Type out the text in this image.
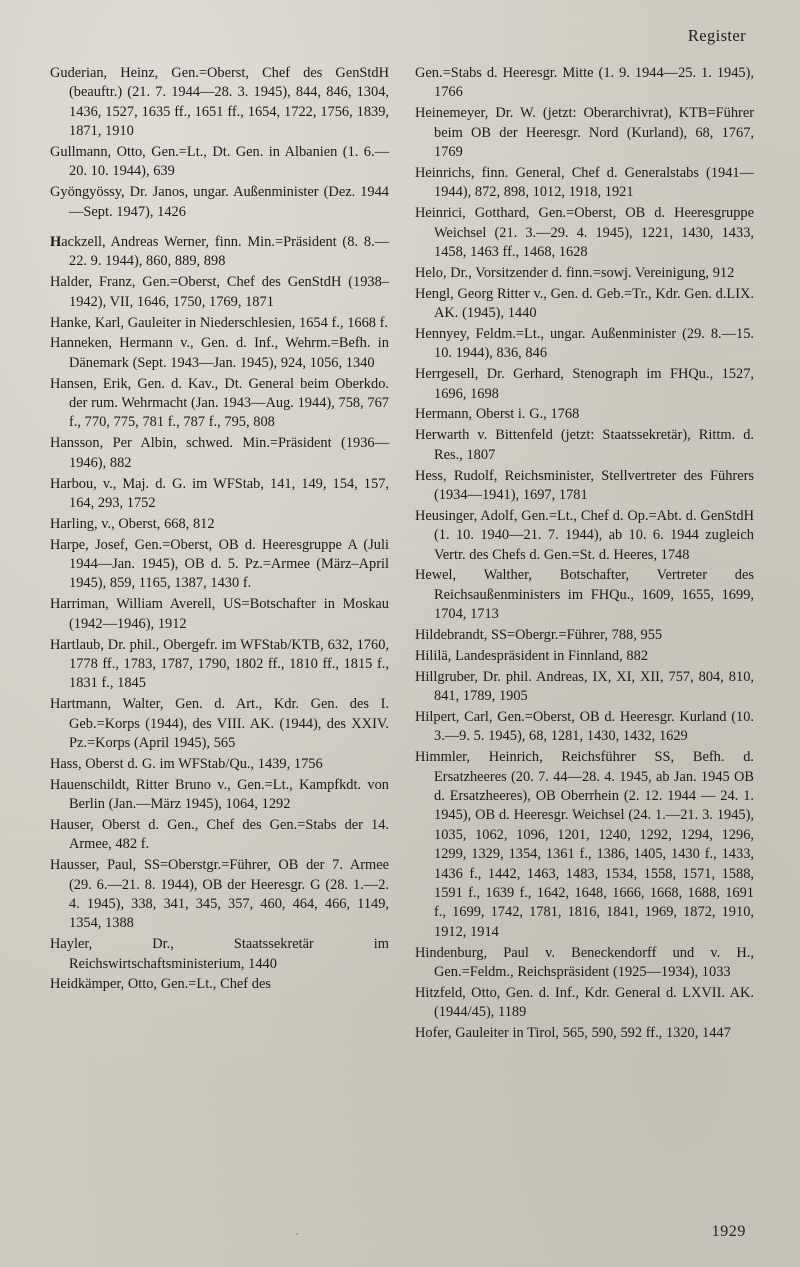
Register

Guderian, Heinz, Gen.=Oberst, Chef des GenStdH (beauftr.) (21. 7. 1944—28. 3. 1945), 844, 846, 1304, 1436, 1527, 1635 ff., 1651 ff., 1654, 1722, 1756, 1839, 1871, 1910

Gullmann, Otto, Gen.=Lt., Dt. Gen. in Albanien (1. 6.—20. 10. 1944), 639

Gyöngyössy, Dr. Janos, ungar. Außenminister (Dez. 1944—Sept. 1947), 1426

Hackzell, Andreas Werner, finn. Min.=Präsident (8. 8.—22. 9. 1944), 860, 889, 898

Halder, Franz, Gen.=Oberst, Chef des GenStdH (1938–1942), VII, 1646, 1750, 1769, 1871

Hanke, Karl, Gauleiter in Niederschlesien, 1654 f., 1668 f.

Hanneken, Hermann v., Gen. d. Inf., Wehrm.=Befh. in Dänemark (Sept. 1943—Jan. 1945), 924, 1056, 1340

Hansen, Erik, Gen. d. Kav., Dt. General beim Oberkdo. der rum. Wehrmacht (Jan. 1943—Aug. 1944), 758, 767 f., 770, 775, 781 f., 787 f., 795, 808

Hansson, Per Albin, schwed. Min.=Präsident (1936—1946), 882

Harbou, v., Maj. d. G. im WFStab, 141, 149, 154, 157, 164, 293, 1752

Harling, v., Oberst, 668, 812

Harpe, Josef, Gen.=Oberst, OB d. Heeresgruppe A (Juli 1944—Jan. 1945), OB d. 5. Pz.=Armee (März–April 1945), 859, 1165, 1387, 1430 f.

Harriman, William Averell, US=Botschafter in Moskau (1942—1946), 1912

Hartlaub, Dr. phil., Obergefr. im WFStab/KTB, 632, 1760, 1778 ff., 1783, 1787, 1790, 1802 ff., 1810 ff., 1815 f., 1831 f., 1845

Hartmann, Walter, Gen. d. Art., Kdr. Gen. des I. Geb.=Korps (1944), des VIII. AK. (1944), des XXIV. Pz.=Korps (April 1945), 565

Hass, Oberst d. G. im WFStab/Qu., 1439, 1756

Hauenschildt, Ritter Bruno v., Gen.=Lt., Kampfkdt. von Berlin (Jan.—März 1945), 1064, 1292

Hauser, Oberst d. Gen., Chef des Gen.=Stabs der 14. Armee, 482 f.

Hausser, Paul, SS=Oberstgr.=Führer, OB der 7. Armee (29. 6.—21. 8. 1944), OB der Heeresgr. G (28. 1.—2. 4. 1945), 338, 341, 345, 357, 460, 464, 466, 1149, 1354, 1388

Hayler, Dr., Staatssekretär im Reichswirtschaftsministerium, 1440

Heidkämper, Otto, Gen.=Lt., Chef des

Gen.=Stabs d. Heeresgr. Mitte (1. 9. 1944—25. 1. 1945), 1766

Heinemeyer, Dr. W. (jetzt: Oberarchivrat), KTB=Führer beim OB der Heeresgr. Nord (Kurland), 68, 1767, 1769

Heinrichs, finn. General, Chef d. Generalstabs (1941—1944), 872, 898, 1012, 1918, 1921

Heinrici, Gotthard, Gen.=Oberst, OB d. Heeresgruppe Weichsel (21. 3.—29. 4. 1945), 1221, 1430, 1433, 1458, 1463 ff., 1468, 1628

Helo, Dr., Vorsitzender d. finn.=sowj. Vereinigung, 912

Hengl, Georg Ritter v., Gen. d. Geb.=Tr., Kdr. Gen. d.LIX. AK. (1945), 1440

Hennyey, Feldm.=Lt., ungar. Außenminister (29. 8.—15. 10. 1944), 836, 846

Herrgesell, Dr. Gerhard, Stenograph im FHQu., 1527, 1696, 1698

Hermann, Oberst i. G., 1768

Herwarth v. Bittenfeld (jetzt: Staatssekretär), Rittm. d. Res., 1807

Hess, Rudolf, Reichsminister, Stellvertreter des Führers (1934—1941), 1697, 1781

Heusinger, Adolf, Gen.=Lt., Chef d. Op.=Abt. d. GenStdH (1. 10. 1940—21. 7. 1944), ab 10. 6. 1944 zugleich Vertr. des Chefs d. Gen.=St. d. Heeres, 1748

Hewel, Walther, Botschafter, Vertreter des Reichsaußenministers im FHQu., 1609, 1655, 1699, 1704, 1713

Hildebrandt, SS=Obergr.=Führer, 788, 955

Hililä, Landespräsident in Finnland, 882

Hillgruber, Dr. phil. Andreas, IX, XI, XII, 757, 804, 810, 841, 1789, 1905

Hilpert, Carl, Gen.=Oberst, OB d. Heeresgr. Kurland (10. 3.—9. 5. 1945), 68, 1281, 1430, 1432, 1629

Himmler, Heinrich, Reichsführer SS, Befh. d. Ersatzheeres (20. 7. 44—28. 4. 1945, ab Jan. 1945 OB d. Ersatzheeres), OB Oberrhein (2. 12. 1944 — 24. 1. 1945), OB d. Heeresgr. Weichsel (24. 1.—21. 3. 1945), 1035, 1062, 1096, 1201, 1240, 1292, 1294, 1296, 1299, 1329, 1354, 1361 f., 1386, 1405, 1430 f., 1433, 1436 f., 1442, 1463, 1483, 1534, 1558, 1571, 1588, 1591 f., 1639 f., 1642, 1648, 1666, 1668, 1688, 1691 f., 1699, 1742, 1781, 1816, 1841, 1969, 1872, 1910, 1912, 1914

Hindenburg, Paul v. Beneckendorff und v. H., Gen.=Feldm., Reichspräsident (1925—1934), 1033

Hitzfeld, Otto, Gen. d. Inf., Kdr. General d. LXVII. AK. (1944/45), 1189

Hofer, Gauleiter in Tirol, 565, 590, 592 ff., 1320, 1447

1929
